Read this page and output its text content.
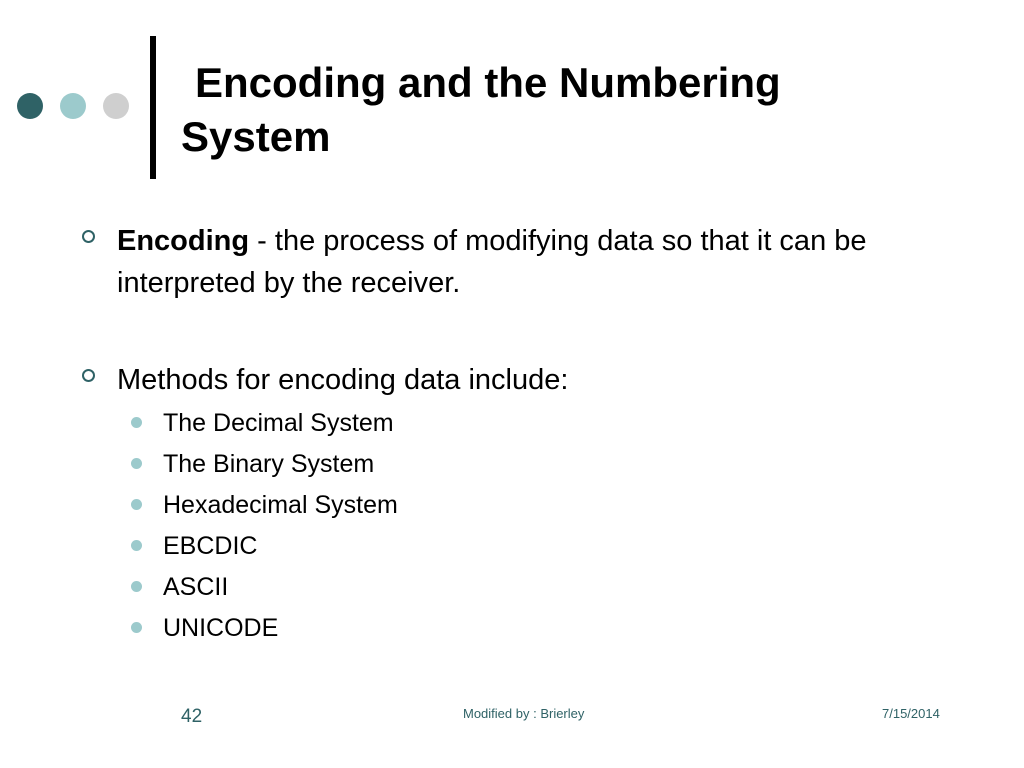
Encoding and the Numbering
System
Encoding - the process of modifying data so that it can be interpreted by the receiver.
Methods for encoding data include:
The Decimal System
The Binary System
Hexadecimal System
EBCDIC
ASCII
UNICODE
42	Modified by : Brierley	7/15/2014
